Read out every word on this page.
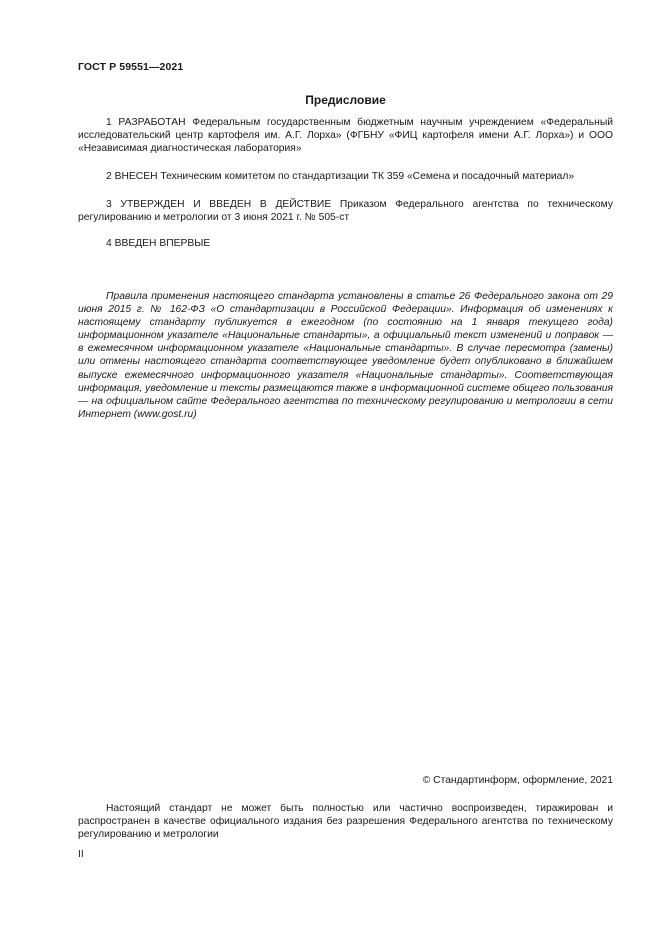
ГОСТ Р 59551—2021
Предисловие

1 РАЗРАБОТАН Федеральным государственным бюджетным научным учреждением «Федеральный исследовательский центр картофеля им. А.Г. Лорха» (ФГБНУ «ФИЦ картофеля имени А.Г. Лорха») и ООО «Независимая диагностическая лаборатория»

2 ВНЕСЕН Техническим комитетом по стандартизации ТК 359 «Семена и посадочный материал»

3 УТВЕРЖДЕН И ВВЕДЕН В ДЕЙСТВИЕ Приказом Федерального агентства по техническому регулированию и метрологии от 3 июня 2021 г. № 505-ст

4 ВВЕДЕН ВПЕРВЫЕ

Правила применения настоящего стандарта установлены в статье 26 Федерального закона от 29 июня 2015 г. № 162-ФЗ «О стандартизации в Российской Федерации». Информация об изменениях к настоящему стандарту публикуется в ежегодном (по состоянию на 1 января текущего года) информационном указателе «Национальные стандарты», а официальный текст изменений и поправок — в ежемесячном информационном указателе «Национальные стандарты». В случае пересмотра (замены) или отмены настоящего стандарта соответствующее уведомление будет опубликовано в ближайшем выпуске ежемесячного информационного указателя «Национальные стандарты». Соответствующая информация, уведомление и тексты размещаются также в информационной системе общего пользования — на официальном сайте Федерального агентства по техническому регулированию и метрологии в сети Интернет (www.gost.ru)

© Стандартинформ, оформление, 2021

Настоящий стандарт не может быть полностью или частично воспроизведен, тиражирован и распространен в качестве официального издания без разрешения Федерального агентства по техническому регулированию и метрологии

II
